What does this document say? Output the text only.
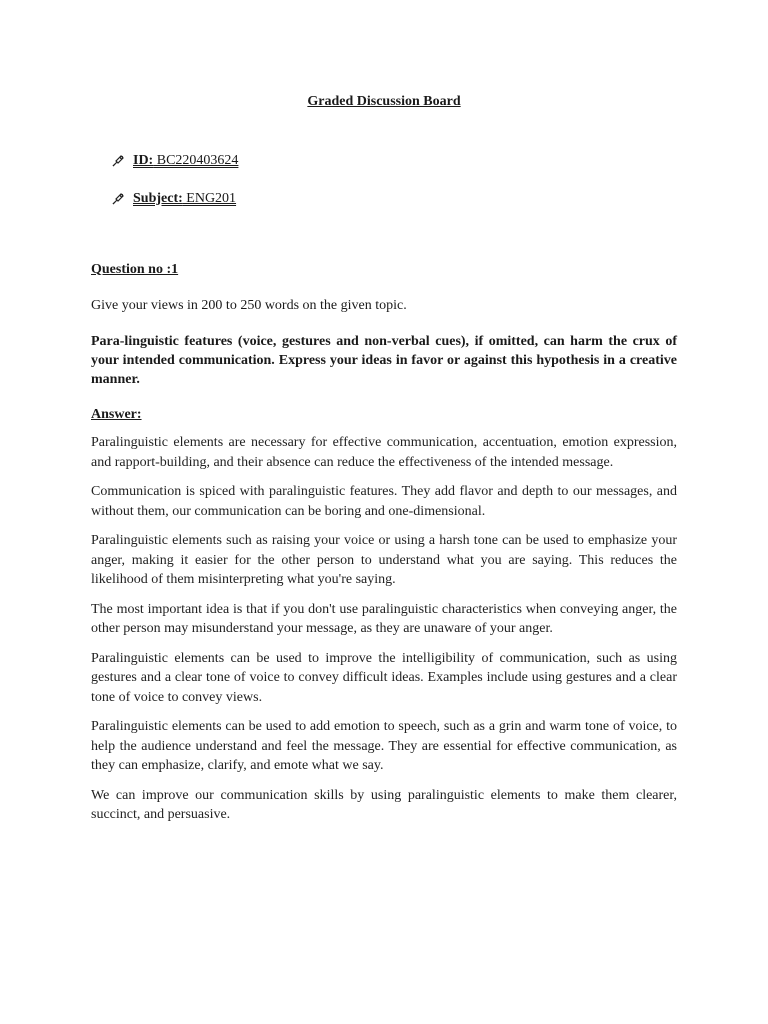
Graded Discussion Board
ID: BC220403624
Subject: ENG201
Question no :1
Give your views in 200 to 250 words on the given topic.
Para-linguistic features (voice, gestures and non-verbal cues), if omitted, can harm the crux of your intended communication. Express your ideas in favor or against this hypothesis in a creative manner.
Answer:

Paralinguistic elements are necessary for effective communication, accentuation, emotion expression, and rapport-building, and their absence can reduce the effectiveness of the intended message.

Communication is spiced with paralinguistic features. They add flavor and depth to our messages, and without them, our communication can be boring and one-dimensional.

Paralinguistic elements such as raising your voice or using a harsh tone can be used to emphasize your anger, making it easier for the other person to understand what you are saying. This reduces the likelihood of them misinterpreting what you're saying.

The most important idea is that if you don't use paralinguistic characteristics when conveying anger, the other person may misunderstand your message, as they are unaware of your anger.

Paralinguistic elements can be used to improve the intelligibility of communication, such as using gestures and a clear tone of voice to convey difficult ideas. Examples include using gestures and a clear tone of voice to convey views.

Paralinguistic elements can be used to add emotion to speech, such as a grin and warm tone of voice, to help the audience understand and feel the message. They are essential for effective communication, as they can emphasize, clarify, and emote what we say.

We can improve our communication skills by using paralinguistic elements to make them clearer, succinct, and persuasive.
